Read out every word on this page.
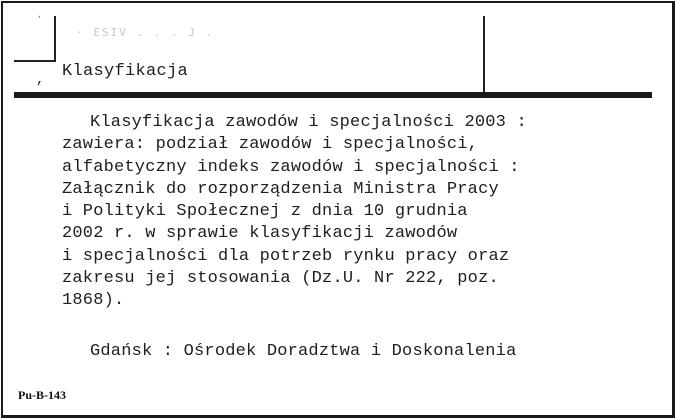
·
· ESIV . . . J .
, Klasyfikacja
Klasyfikacja zawodów i specjalności 2003 :
zawiera: podział zawodów i specjalności,
alfabetyczny indeks zawodów i specjalności :
Załącznik do rozporządzenia Ministra Pracy
i Polityki Społecznej z dnia 10 grudnia
2002 r. w sprawie klasyfikacji zawodów
i specjalności dla potrzeb rynku pracy oraz
zakresu jej stosowania (Dz.U. Nr 222, poz.
1868).
Gdańsk : Ośrodek Doradztwa i Doskonalenia
Pu-B-143
